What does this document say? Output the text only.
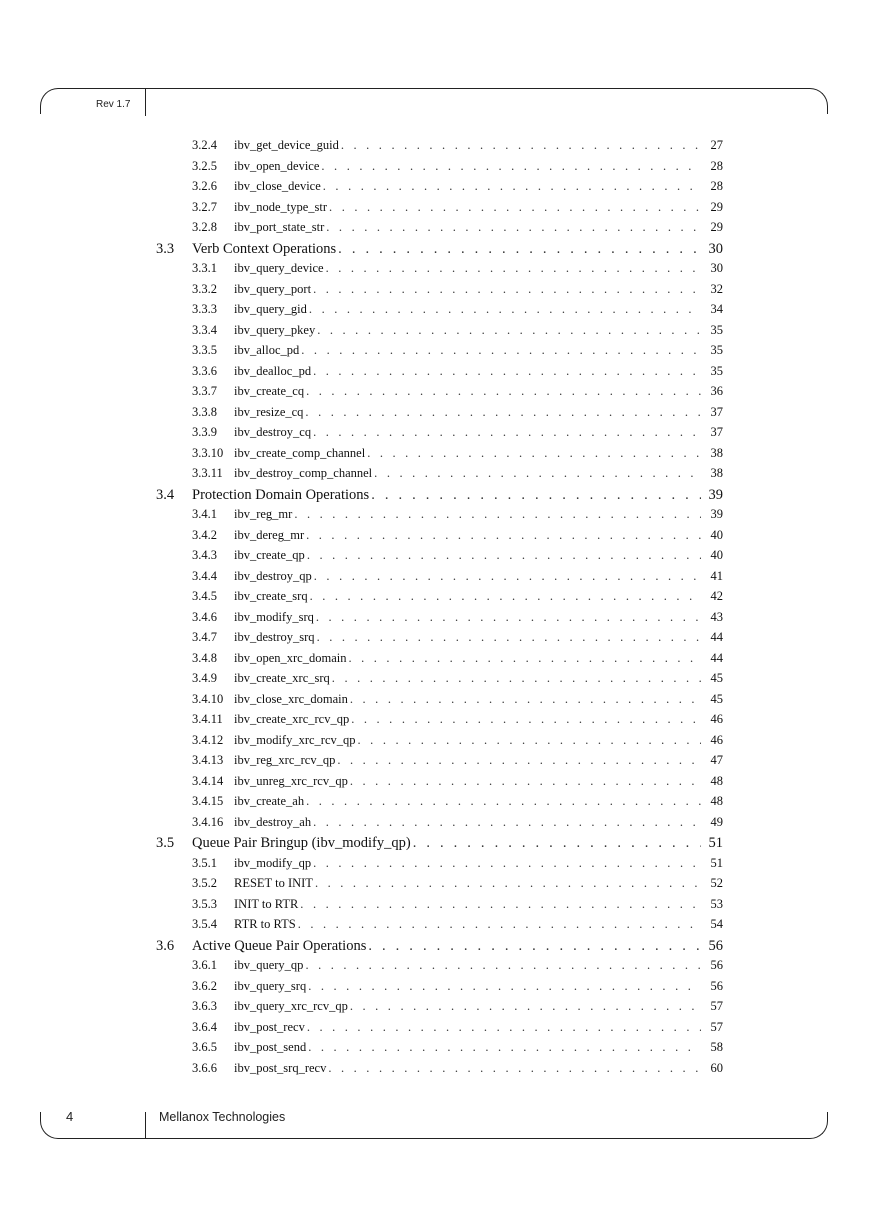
Rev 1.7
3.2.4	ibv_get_device_guid . . .	27
3.2.5	ibv_open_device . . .	28
3.2.6	ibv_close_device . . .	28
3.2.7	ibv_node_type_str . . .	29
3.2.8	ibv_port_state_str . . .	29
3.3	Verb Context Operations . . .	30
3.3.1	ibv_query_device . . .	30
3.3.2	ibv_query_port . . .	32
3.3.3	ibv_query_gid . . .	34
3.3.4	ibv_query_pkey . . .	35
3.3.5	ibv_alloc_pd . . .	35
3.3.6	ibv_dealloc_pd . . .	35
3.3.7	ibv_create_cq . . .	36
3.3.8	ibv_resize_cq . . .	37
3.3.9	ibv_destroy_cq . . .	37
3.3.10 ibv_create_comp_channel . . .	38
3.3.11 ibv_destroy_comp_channel . . .	38
3.4	Protection Domain Operations . . .	39
3.4.1	ibv_reg_mr . . .	39
3.4.2	ibv_dereg_mr . . .	40
3.4.3	ibv_create_qp . . .	40
3.4.4	ibv_destroy_qp . . .	41
3.4.5	ibv_create_srq . . .	42
3.4.6	ibv_modify_srq . . .	43
3.4.7	ibv_destroy_srq . . .	44
3.4.8	ibv_open_xrc_domain . . .	44
3.4.9	ibv_create_xrc_srq . . .	45
3.4.10 ibv_close_xrc_domain . . .	45
3.4.11 ibv_create_xrc_rcv_qp . . .	46
3.4.12 ibv_modify_xrc_rcv_qp . . .	46
3.4.13 ibv_reg_xrc_rcv_qp . . .	47
3.4.14 ibv_unreg_xrc_rcv_qp . . .	48
3.4.15 ibv_create_ah . . .	48
3.4.16 ibv_destroy_ah . . .	49
3.5	Queue Pair Bringup (ibv_modify_qp) . . .	51
3.5.1	ibv_modify_qp . . .	51
3.5.2	RESET to INIT . . .	52
3.5.3	INIT to RTR . . .	53
3.5.4	RTR to RTS . . .	54
3.6	Active Queue Pair Operations . . .	56
3.6.1	ibv_query_qp . . .	56
3.6.2	ibv_query_srq . . .	56
3.6.3	ibv_query_xrc_rcv_qp . . .	57
3.6.4	ibv_post_recv . . .	57
3.6.5	ibv_post_send . . .	58
3.6.6	ibv_post_srq_recv . . .	60
4	Mellanox Technologies
